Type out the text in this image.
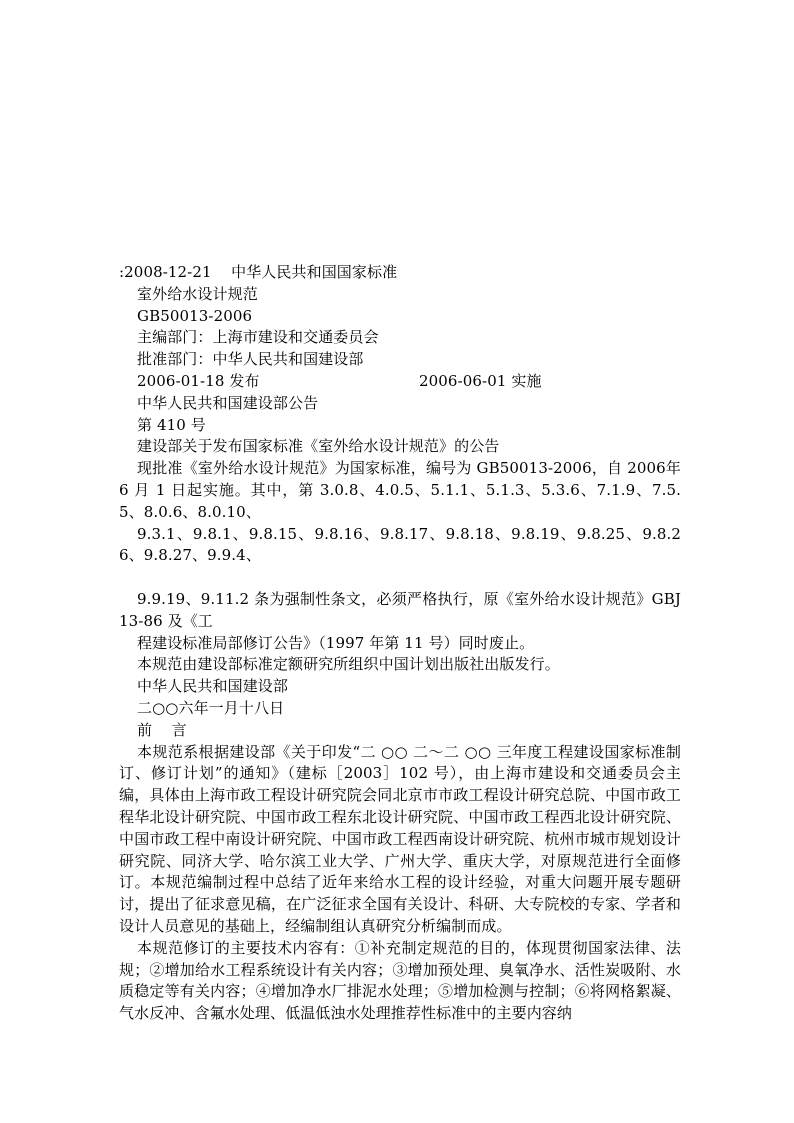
:2008-12-21    中华人民共和国国家标准
室外给水设计规范
GB50013-2006
主编部门：上海市建设和交通委员会
批准部门：中华人民共和国建设部
2006-01-18 发布	2006-06-01 实施
中华人民共和国建设部公告
第 410 号
建设部关于发布国家标准《室外给水设计规范》的公告
现批准《室外给水设计规范》为国家标准，编号为 GB50013-2006，自 2006年 6 月 1 日起实施。其中，第 3.0.8、4.0.5、5.1.1、5.1.3、5.3.6、7.1.9、7.5.5、8.0.6、8.0.10、
9.3.1、9.8.1、9.8.15、9.8.16、9.8.17、9.8.18、9.8.19、9.8.25、9.8.26、9.8.27、9.9.4、
9.9.19、9.11.2 条为强制性条文，必须严格执行，原《室外给水设计规范》GBJ13-86 及《工
程建设标准局部修订公告》（1997 年第 11 号）同时废止。
本规范由建设部标准定额研究所组织中国计划出版社出版发行。
中华人民共和国建设部
二○○六年一月十八日
前    言
本规范系根据建设部《关于印发“二 ○○ 二～二 ○○ 三年度工程建设国家标准制订、修订计划”的通知》（建标［2003］102 号），由上海市建设和交通委员会主编，具体由上海市政工程设计研究院会同北京市市政工程设计研究总院、中国市政工程华北设计研究院、中国市政工程东北设计研究院、中国市政工程西北设计研究院、中国市政工程中南设计研究院、中国市政工程西南设计研究院、杭州市城市规划设计研究院、同济大学、哈尔滨工业大学、广州大学、重庆大学，对原规范进行全面修订。本规范编制过程中总结了近年来给水工程的设计经验，对重大问题开展专题研讨，提出了征求意见稿，在广泛征求全国有关设计、科研、大专院校的专家、学者和设计人员意见的基础上，经编制组认真研究分析编制而成。
本规范修订的主要技术内容有：①补充制定规范的目的，体现贯彻国家法律、法规；②增加给水工程系统设计有关内容；③增加预处理、臭氧净水、活性炭吸附、水质稳定等有关内容；④增加净水厂排泥水处理；⑤增加检测与控制；⑥将网格絮凝、气水反冲、含氟水处理、低温低浊水处理推荐性标准中的主要内容纳
